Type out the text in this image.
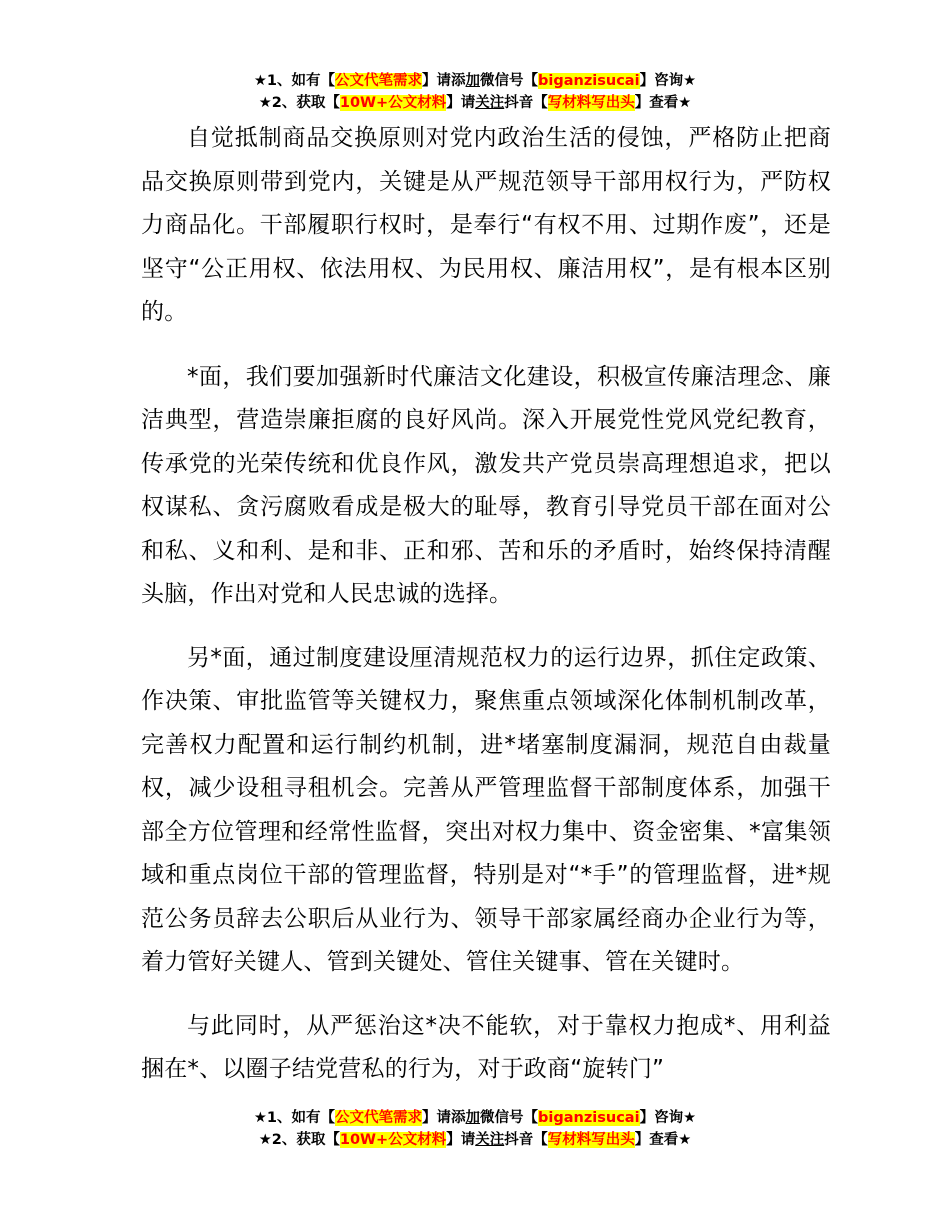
★1、如有【公文代笔需求】请添加微信号【biganzisucai】咨询★
★2、获取【10W+公文材料】请关注抖音【写材料写出头】查看★

自觉抵制商品交换原则对党内政治生活的侵蚀，严格防止把商品交换原则带到党内，关键是从严规范领导干部用权行为，严防权力商品化。干部履职行权时，是奉行“有权不用、过期作废”，还是坚守“公正用权、依法用权、为民用权、廉洁用权”，是有根本区别的。

*面，我们要加强新时代廉洁文化建设，积极宣传廉洁理念、廉洁典型，营造崇廉拒腐的良好风尚。深入开展党性党风党纪教育，传承党的光荣传统和优良作风，激发共产党员崇高理想追求，把以权谋私、贪污腐败看成是极大的耻辱，教育引导党员干部在面对公和私、义和利、是和非、正和邪、苦和乐的矛盾时，始终保持清醒头脑，作出对党和人民忠诚的选择。

另*面，通过制度建设厘清规范权力的运行边界，抓住定政策、作决策、审批监管等关键权力，聚焦重点领域深化体制机制改革，完善权力配置和运行制约机制，进*堵塞制度漏洞，规范自由裁量权，减少设租寻租机会。完善从严管理监督干部制度体系，加强干部全方位管理和经常性监督，突出对权力集中、资金密集、*富集领域和重点岗位干部的管理监督，特别是对“*手”的管理监督，进*规范公务员辞去公职后从业行为、领导干部家属经商办企业行为等，着力管好关键人、管到关键处、管住关键事、管在关键时。

与此同时，从严惩治这*决不能软，对于靠权力抱成*、用利益捆在*、以圈子结党营私的行为，对于政商“旋转门”

★1、如有【公文代笔需求】请添加微信号【biganzisucai】咨询★
★2、获取【10W+公文材料】请关注抖音【写材料写出头】查看★
